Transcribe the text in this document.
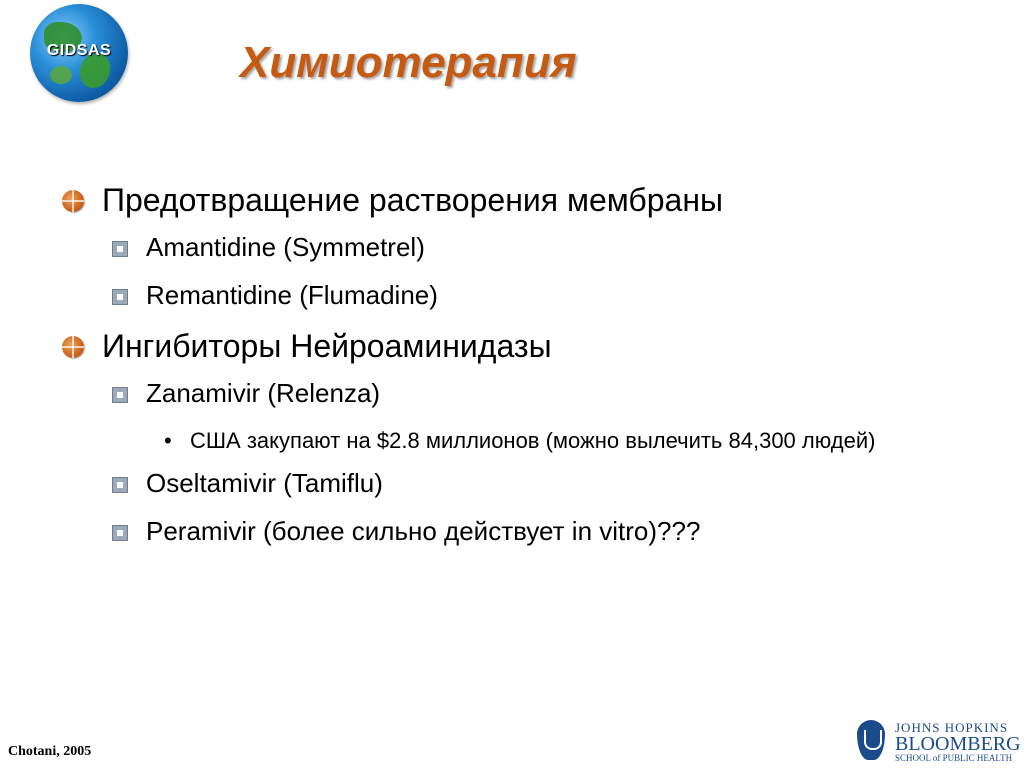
GIDSAS	Химиотерапия
Предотвращение растворения мембраны
Amantidine (Symmetrel)
Remantidine (Flumadine)
Ингибиторы Нейроаминидазы
Zanamivir (Relenza)
• США закупают на $2.8 миллионов (можно вылечить 84,300 людей)
Oseltamivir (Tamiflu)
Peramivir (более сильно действует in vitro)???
Chotani, 2005
JOHNS HOPKINS
BLOOMBERG
SCHOOL of PUBLIC HEALTH
